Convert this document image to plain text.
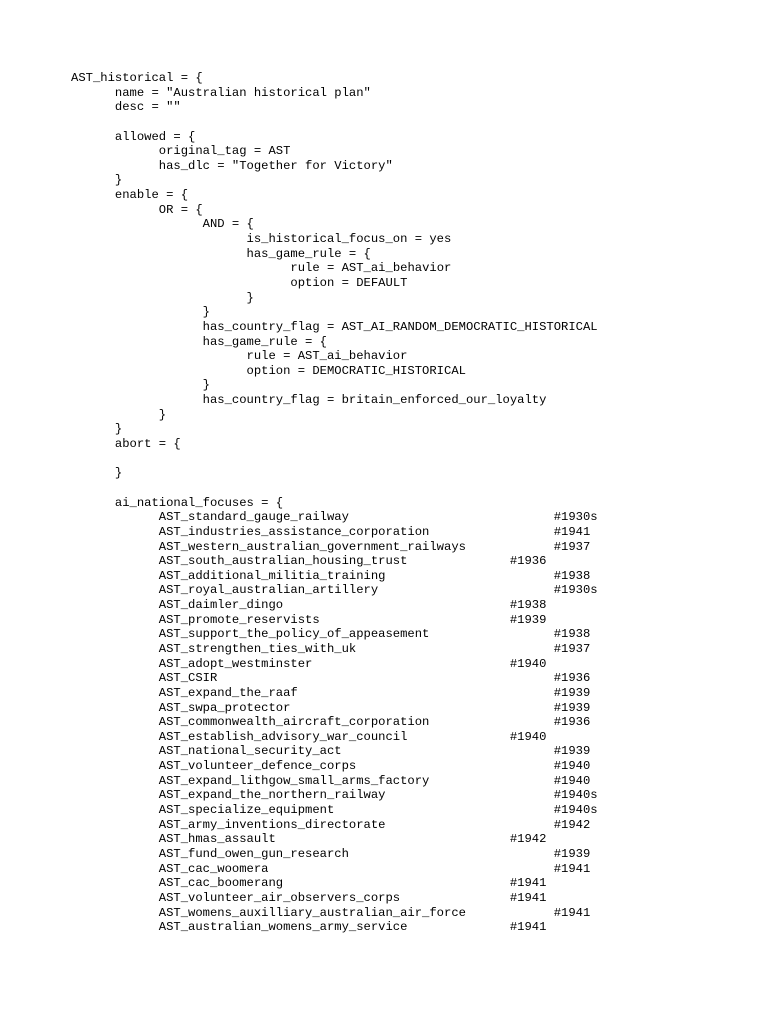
AST_historical = {
	name = "Australian historical plan"
	desc = ""
	allowed = {
		original_tag = AST
		has_dlc = "Together for Victory"
	}
	enable = {
		OR = {
			AND = {
				is_historical_focus_on = yes
				has_game_rule = {
					rule = AST_ai_behavior
					option = DEFAULT
				}
			}
			has_country_flag = AST_AI_RANDOM_DEMOCRATIC_HISTORICAL
			has_game_rule = {
				rule = AST_ai_behavior
				option = DEMOCRATIC_HISTORICAL
			}
			has_country_flag = britain_enforced_our_loyalty
		}
	}
	abort = {
	}
	ai_national_focuses = {
		AST_standard_gauge_railway					#1930s
		AST_industries_assistance_corporation			#1941
		AST_western_australian_government_railways		#1937
		AST_south_australian_housing_trust			#1936
		AST_additional_militia_training				#1938
		AST_royal_australian_artillery				#1930s
		AST_daimler_dingo						#1938
		AST_promote_reservists					#1939
		AST_support_the_policy_of_appeasement			#1938
		AST_strengthen_ties_with_uk					#1937
		AST_adopt_westminster					#1940
		AST_CSIR								#1936
		AST_expand_the_raaf						#1939
		AST_swpa_protector						#1939
		AST_commonwealth_aircraft_corporation			#1936
		AST_establish_advisory_war_council			#1940
		AST_national_security_act					#1939
		AST_volunteer_defence_corps					#1940
		AST_expand_lithgow_small_arms_factory			#1940
		AST_expand_the_northern_railway				#1940s
		AST_specialize_equipment					#1940s
		AST_army_inventions_directorate				#1942
		AST_hmas_assault						#1942
		AST_fund_owen_gun_research					#1939
		AST_cac_woomera							#1941
		AST_cac_boomerang						#1941
		AST_volunteer_air_observers_corps			#1941
		AST_womens_auxilliary_australian_air_force		#1941
		AST_australian_womens_army_service			#1941
